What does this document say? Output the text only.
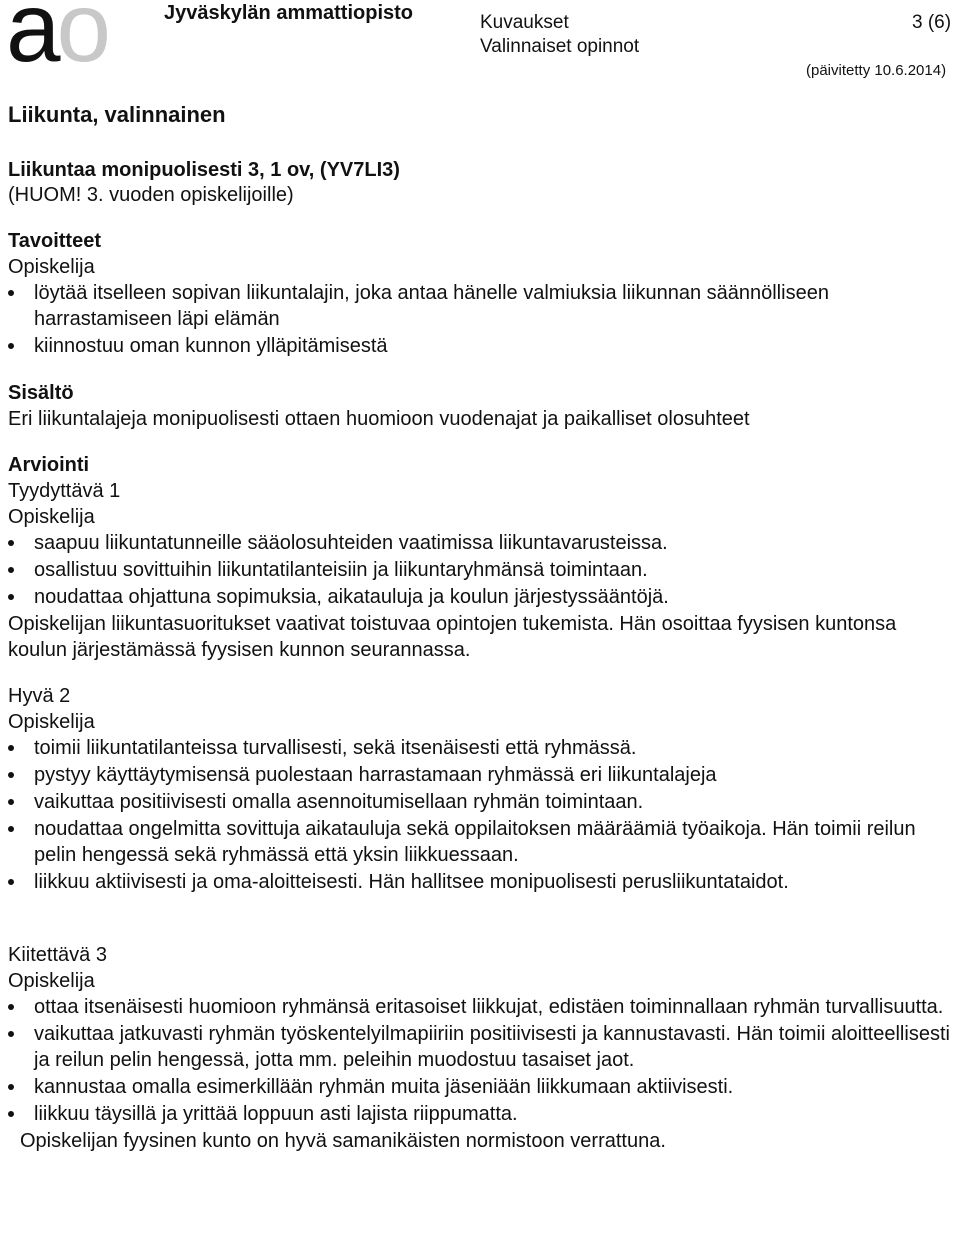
ao	Jyväskylän ammattiopisto	Kuvaukset
Valinnaiset opinnot
3 (6)
(päivitetty 10.6.2014)
Liikunta, valinnainen
Liikuntaa monipuolisesti 3, 1 ov, (YV7LI3)
(HUOM! 3. vuoden opiskelijoille)
Tavoitteet
Opiskelija
löytää itselleen sopivan liikuntalajin, joka antaa hänelle valmiuksia liikunnan säännölliseen harrastamiseen läpi elämän
kiinnostuu oman kunnon ylläpitämisestä
Sisältö
Eri liikuntalajeja monipuolisesti ottaen huomioon vuodenajat ja paikalliset olosuhteet
Arviointi
Tyydyttävä 1
Opiskelija
saapuu liikuntatunneille sääolosuhteiden vaatimissa liikuntavarusteissa.
osallistuu sovittuihin liikuntatilanteisiin ja liikuntaryhmänsä toimintaan.
noudattaa ohjattuna sopimuksia, aikatauluja ja koulun järjestyssääntöjä.
Opiskelijan liikuntasuoritukset vaativat toistuvaa opintojen tukemista. Hän osoittaa fyysisen kuntonsa koulun järjestämässä fyysisen kunnon seurannassa.
Hyvä 2
Opiskelija
toimii liikuntatilanteissa turvallisesti, sekä itsenäisesti että ryhmässä.
pystyy käyttäytymisensä puolestaan harrastamaan ryhmässä eri liikuntalajeja
vaikuttaa positiivisesti omalla asennoitumisellaan ryhmän toimintaan.
noudattaa ongelmitta sovittuja aikatauluja sekä oppilaitoksen määräämiä työaikoja. Hän toimii reilun pelin hengessä sekä ryhmässä että yksin liikkuessaan.
liikkuu aktiivisesti ja oma-aloitteisesti. Hän hallitsee monipuolisesti perusliikuntataidot.
Kiitettävä 3
Opiskelija
ottaa itsenäisesti huomioon ryhmänsä eritasoiset liikkujat, edistäen toiminnallaan ryhmän turvallisuutta.
vaikuttaa jatkuvasti ryhmän työskentelyilmapiiriin positiivisesti ja kannustavasti. Hän toimii aloitteellisesti ja reilun pelin hengessä, jotta mm. peleihin muodostuu tasaiset jaot.
kannustaa omalla esimerkillään ryhmän muita jäseniään liikkumaan aktiivisesti.
liikkuu täysillä ja yrittää loppuun asti lajista riippumatta.
Opiskelijan fyysinen kunto on hyvä samanikäisten normistoon verrattuna.
